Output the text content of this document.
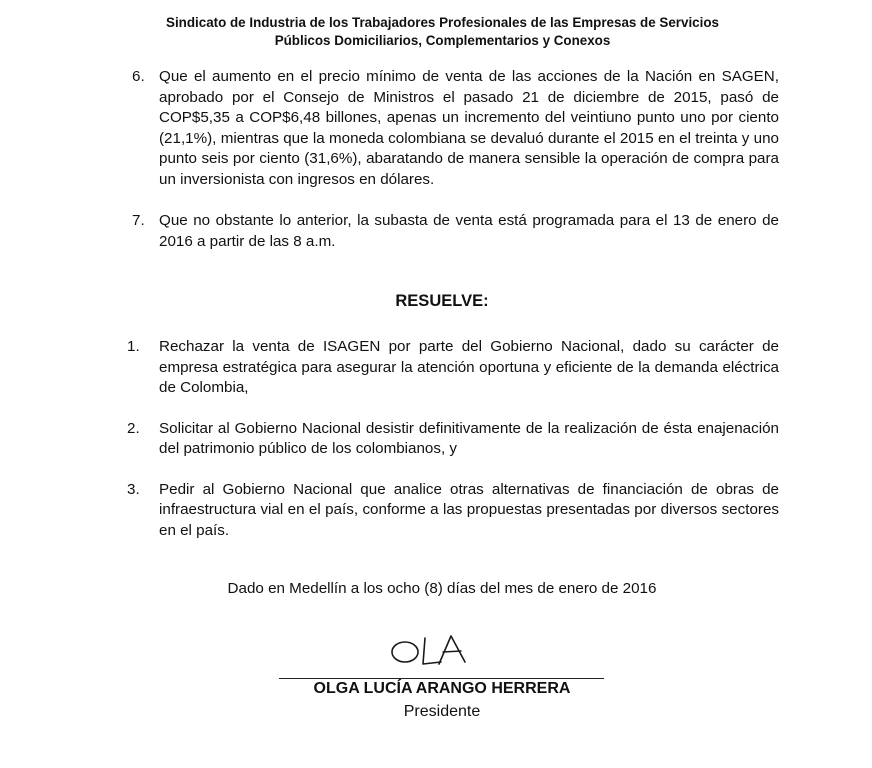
Sindicato de Industria de los Trabajadores Profesionales de las Empresas de Servicios
Públicos Domiciliarios, Complementarios y Conexos
6. Que el aumento en el precio mínimo de venta de las acciones de la Nación en SAGEN, aprobado por el Consejo de Ministros el pasado 21 de diciembre de 2015, pasó de COP$5,35 a COP$6,48 billones, apenas un incremento del veintiuno punto uno por ciento (21,1%), mientras que la moneda colombiana se devaluó durante el 2015 en el treinta y uno punto seis por ciento (31,6%), abaratando de manera sensible la operación de compra para un inversionista con ingresos en dólares.
7. Que no obstante lo anterior, la subasta de venta está programada para el 13 de enero de 2016 a partir de las 8 a.m.
RESUELVE:
1. Rechazar la venta de ISAGEN por parte del Gobierno Nacional, dado su carácter de empresa estratégica para asegurar la atención oportuna y eficiente de la demanda eléctrica de Colombia,
2. Solicitar al Gobierno Nacional desistir definitivamente de la realización de ésta enajenación del patrimonio público de los colombianos, y
3. Pedir al Gobierno Nacional que analice otras alternativas de financiación de obras de infraestructura vial en el país, conforme a las propuestas presentadas por diversos sectores en el país.
Dado en Medellín a los ocho (8) días del mes de enero de 2016
OLGA LUCÍA ARANGO HERRERA
Presidente
